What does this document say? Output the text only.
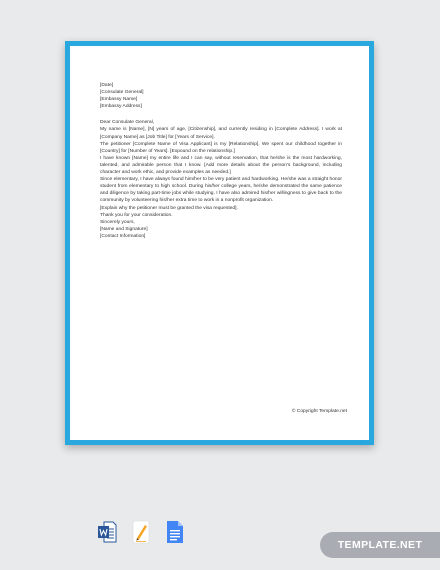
[Date]

[Consulate General]

[Embassy Name]

[Embassy Address]

Dear Consulate General,

My name is [Name], [N] years of age, [Citizenship], and currently residing in [Complete Address]. I work at [Company Name] as [Job Title] for [Years of Service].

The petitioner [Complete Name of Visa Applicant] is my [Relationship]. We spent our childhood together in [Country] for [Number of Years]. [Expound on the relationship.]

I have known [Name] my entire life and I can say, without reservation, that he/she is the most hardworking, talented, and admirable person that I know. [Add more details about the person's background, including character and work ethic, and provide examples as needed.]

Since elementary, I have always found him/her to be very patient and hardworking. He/she was a straight honor student from elementary to high school. During his/her college years, he/she demonstrated the same patience and diligence by taking part-time jobs while studying. I have also admired his/her willingness to give back to the community by volunteering his/her extra time to work in a nonprofit organization.

[Explain why the petitioner must be granted the visa requested].

Thank you for your consideration.

Sincerely yours,

[Name and Signature]

[Contact Information]

© Copyright Template.net
TEMPLATE.NET
